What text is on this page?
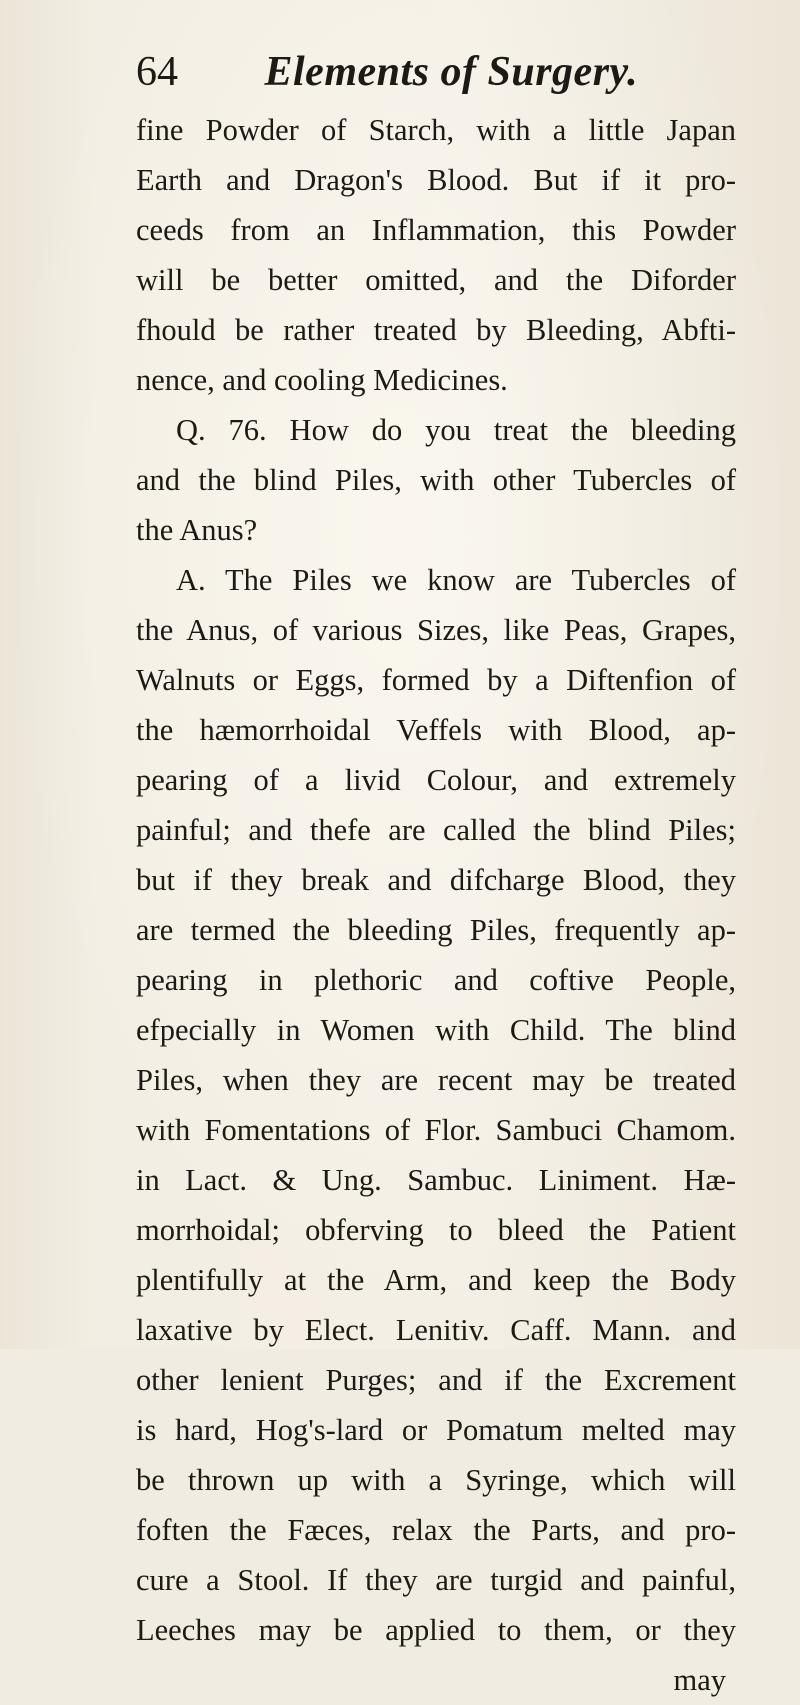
64 Elements of Surgery.
fine Powder of Starch, with a little Japan
Earth and Dragon's Blood. But if it pro-
ceeds from an Inflammation, this Powder
will be better omitted, and the Diforder
fhould be rather treated by Bleeding, Abfti-
nence, and cooling Medicines.
Q. 76. How do you treat the bleeding
and the blind Piles, with other Tubercles of
the Anus?
A. The Piles we know are Tubercles of
the Anus, of various Sizes, like Peas, Grapes,
Walnuts or Eggs, formed by a Diftenfion of
the hæmorrhoidal Veffels with Blood, ap-
pearing of a livid Colour, and extremely
painful; and thefe are called the blind Piles;
but if they break and difcharge Blood, they
are termed the bleeding Piles, frequently ap-
pearing in plethoric and coftive People,
efpecially in Women with Child. The blind
Piles, when they are recent may be treated
with Fomentations of Flor. Sambuci Chamom.
in Lact. & Ung. Sambuc. Liniment. Hæ-
morrhoidal; obferving to bleed the Patient
plentifully at the Arm, and keep the Body
laxative by Elect. Lenitiv. Caff. Mann. and
other lenient Purges; and if the Excrement
is hard, Hog's-lard or Pomatum melted may
be thrown up with a Syringe, which will
foften the Fæces, relax the Parts, and pro-
cure a Stool. If they are turgid and painful,
Leeches may be applied to them, or they
may
